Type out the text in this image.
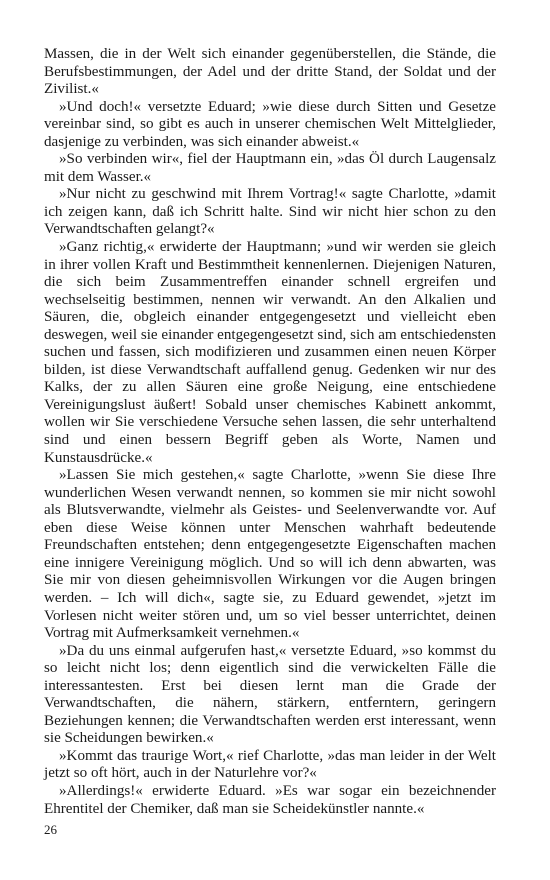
Massen, die in der Welt sich einander gegenüberstellen, die Stände, die Berufsbestimmungen, der Adel und der dritte Stand, der Soldat und der Zivilist.«

»Und doch!« versetzte Eduard; »wie diese durch Sitten und Gesetze vereinbar sind, so gibt es auch in unserer chemischen Welt Mittelglieder, dasjenige zu verbinden, was sich einander abweist.«

»So verbinden wir«, fiel der Hauptmann ein, »das Öl durch Laugensalz mit dem Wasser.«

»Nur nicht zu geschwind mit Ihrem Vortrag!« sagte Charlotte, »damit ich zeigen kann, daß ich Schritt halte. Sind wir nicht hier schon zu den Verwandtschaften gelangt?«

»Ganz richtig,« erwiderte der Hauptmann; »und wir werden sie gleich in ihrer vollen Kraft und Bestimmtheit kennenlernen. Diejenigen Naturen, die sich beim Zusammentreffen einander schnell ergreifen und wechselseitig bestimmen, nennen wir verwandt. An den Alkalien und Säuren, die, obgleich einander entgegengesetzt und vielleicht eben deswegen, weil sie einander entgegengesetzt sind, sich am entschiedensten suchen und fassen, sich modifizieren und zusammen einen neuen Körper bilden, ist diese Verwandtschaft auffallend genug. Gedenken wir nur des Kalks, der zu allen Säuren eine große Neigung, eine entschiedene Vereinigungslust äußert! Sobald unser chemisches Kabinett ankommt, wollen wir Sie verschiedene Versuche sehen lassen, die sehr unterhaltend sind und einen bessern Begriff geben als Worte, Namen und Kunstausdrücke.«

»Lassen Sie mich gestehen,« sagte Charlotte, »wenn Sie diese Ihre wunderlichen Wesen verwandt nennen, so kommen sie mir nicht sowohl als Blutsverwandte, vielmehr als Geistes- und Seelenverwandte vor. Auf eben diese Weise können unter Menschen wahrhaft bedeutende Freundschaften entstehen; denn entgegengesetzte Eigenschaften machen eine innigere Vereinigung möglich. Und so will ich denn abwarten, was Sie mir von diesen geheimnisvollen Wirkungen vor die Augen bringen werden. – Ich will dich«, sagte sie, zu Eduard gewendet, »jetzt im Vorlesen nicht weiter stören und, um so viel besser unterrichtet, deinen Vortrag mit Aufmerksamkeit vernehmen.«

»Da du uns einmal aufgerufen hast,« versetzte Eduard, »so kommst du so leicht nicht los; denn eigentlich sind die verwickelten Fälle die interessantesten. Erst bei diesen lernt man die Grade der Verwandtschaften, die nähern, stärkern, entferntern, geringern Beziehungen kennen; die Verwandtschaften werden erst interessant, wenn sie Scheidungen bewirken.«

»Kommt das traurige Wort,« rief Charlotte, »das man leider in der Welt jetzt so oft hört, auch in der Naturlehre vor?«

»Allerdings!« erwiderte Eduard. »Es war sogar ein bezeichnender Ehrentitel der Chemiker, daß man sie Scheidekünstler nannte.«

26
